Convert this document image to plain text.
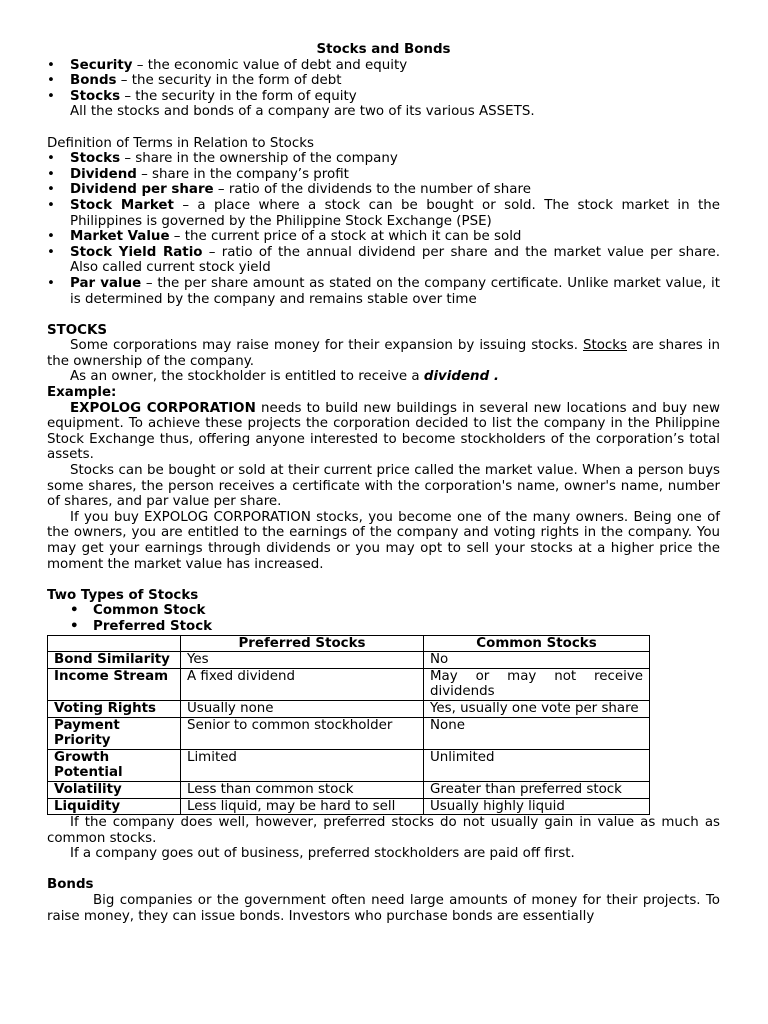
Stocks and Bonds
• Security – the economic value of debt and equity
• Bonds – the security in the form of debt
• Stocks – the security in the form of equity

All the stocks and bonds of a company are two of its various ASSETS.

Definition of Terms in Relation to Stocks

• Stocks – share in the ownership of the company
• Dividend – share in the company’s profit
• Dividend per share – ratio of the dividends to the number of share
• Stock Market – a place where a stock can be bought or sold. The stock market in the Philippines is governed by the Philippine Stock Exchange (PSE)
• Market Value – the current price of a stock at which it can be sold
• Stock Yield Ratio – ratio of the annual dividend per share and the market value per share. Also called current stock yield
• Par value – the per share amount as stated on the company certificate. Unlike market value, it is determined by the company and remains stable over time

STOCKS

Some corporations may raise money for their expansion by issuing stocks. Stocks are shares in the ownership of the company.

As an owner, the stockholder is entitled to receive a dividend .

Example:

EXPOLOG CORPORATION needs to build new buildings in several new locations and buy new equipment. To achieve these projects the corporation decided to list the company in the Philippine Stock Exchange thus, offering anyone interested to become stockholders of the corporation’s total assets.

Stocks can be bought or sold at their current price called the market value. When a person buys some shares, the person receives a certificate with the corporation's name, owner's name, number of shares, and par value per share.

If you buy EXPOLOG CORPORATION stocks, you become one of the many owners. Being one of the owners, you are entitled to the earnings of the company and voting rights in the company. You may get your earnings through dividends or you may opt to sell your stocks at a higher price the moment the market value has increased.

Two Types of Stocks

• Common Stock
• Preferred Stock
	Preferred Stocks	Common Stocks
Bond Similarity	Yes	No
Income Stream	A fixed dividend	May or may not receive dividends
Voting Rights	Usually none	Yes, usually one vote per share
Payment Priority	Senior to common stockholder	None
Growth Potential	Limited	Unlimited
Volatility	Less than common stock	Greater than preferred stock
Liquidity	Less liquid, may be hard to sell	Usually highly liquid

If the company does well, however, preferred stocks do not usually gain in value as much as common stocks.

If a company goes out of business, preferred stockholders are paid off first.

Bonds

Big companies or the government often need large amounts of money for their projects. To raise money, they can issue bonds. Investors who purchase bonds are essentially
